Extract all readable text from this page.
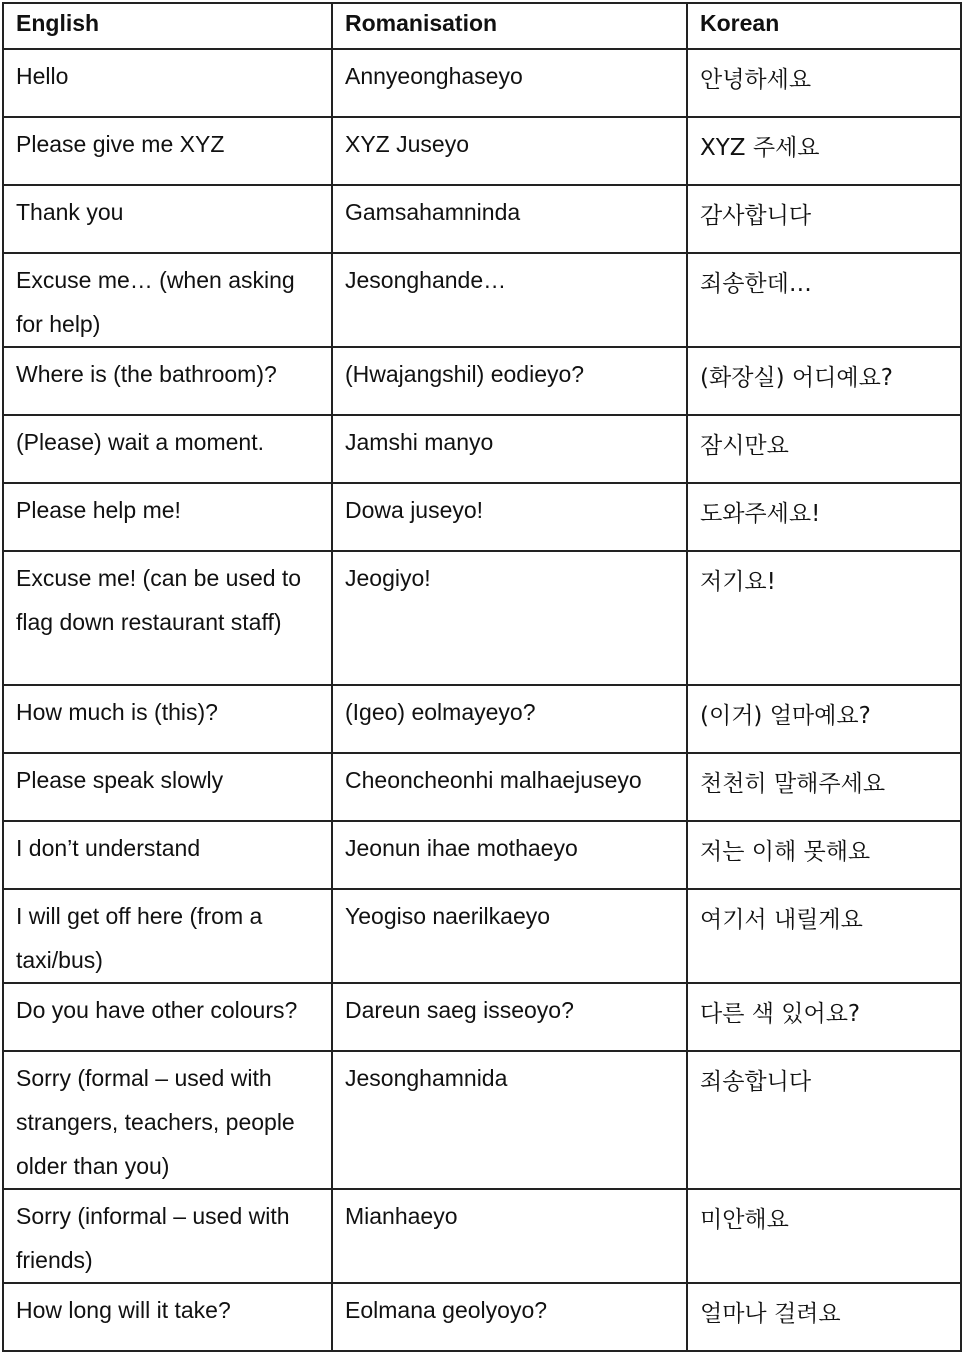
English	Romanisation	Korean
Hello	Annyeonghaseyo	안녕하세요
Please give me XYZ	XYZ Juseyo	XYZ 주세요
Thank you	Gamsahamninda	감사합니다
Excuse me… (when asking for help)	Jesonghande…	죄송한데…
Where is (the bathroom)?	(Hwajangshil) eodieyo?	(화장실) 어디예요?
(Please) wait a moment.	Jamshi manyo	잠시만요
Please help me!	Dowa juseyo!	도와주세요!
Excuse me! (can be used to flag down restaurant staff)	Jeogiyo!	저기요!
How much is (this)?	(Igeo) eolmayeyo?	(이거) 얼마예요?
Please speak slowly	Cheoncheonhi malhaejuseyo	천천히 말해주세요
I don’t understand	Jeonun ihae mothaeyo	저는 이해 못해요
I will get off here (from a taxi/bus)	Yeogiso naerilkaeyo	여기서 내릴게요
Do you have other colours?	Dareun saeg isseoyo?	다른 색 있어요?
Sorry (formal – used with strangers, teachers, people older than you)	Jesonghamnida	죄송합니다
Sorry (informal – used with friends)	Mianhaeyo	미안해요
How long will it take?	Eolmana geolyoyo?	얼마나 걸려요
